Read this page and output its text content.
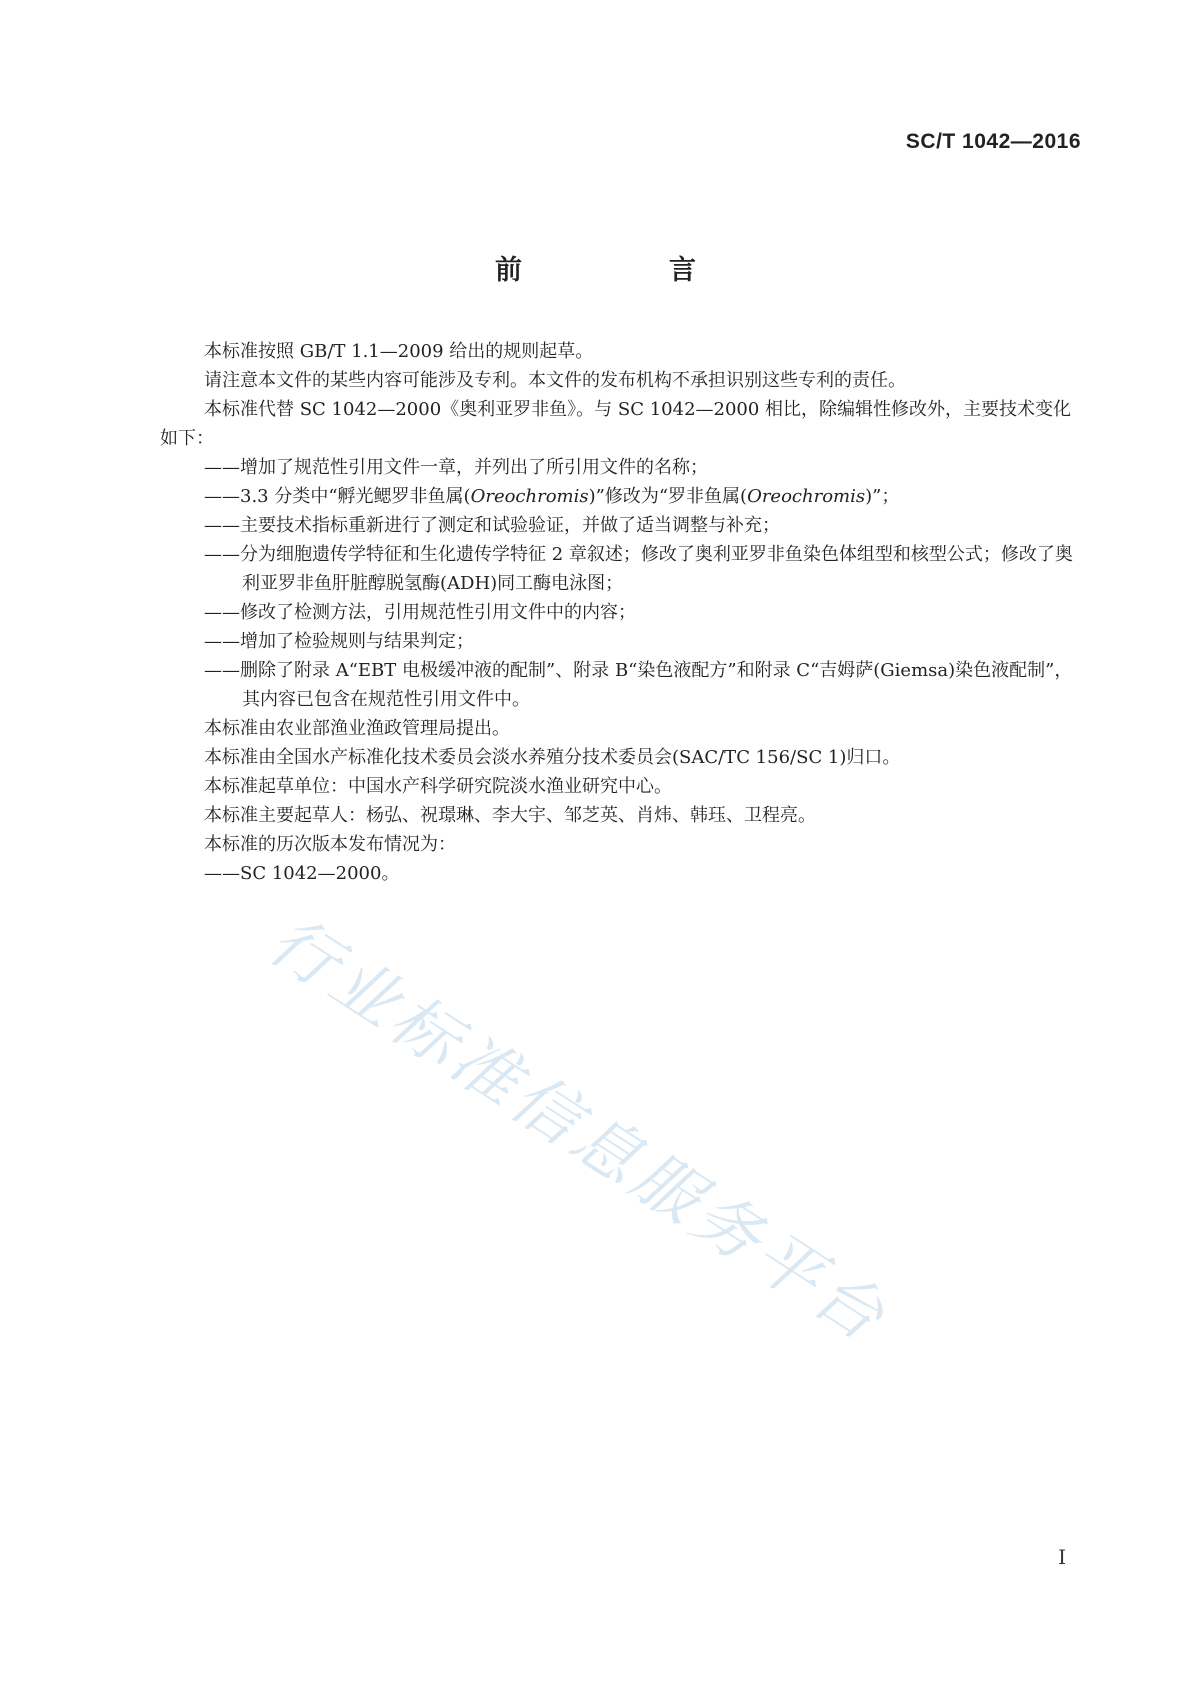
SC/T 1042—2016
前　言

本标准按照 GB/T 1.1—2009 给出的规则起草。

请注意本文件的某些内容可能涉及专利。本文件的发布机构不承担识别这些专利的责任。

本标准代替 SC 1042—2000《奥利亚罗非鱼》。与 SC 1042—2000 相比，除编辑性修改外，主要技术变化如下：

——增加了规范性引用文件一章，并列出了所引用文件的名称；

——3.3 分类中“孵光鳃罗非鱼属(Oreochromis)”修改为“罗非鱼属(Oreochromis)”；

——主要技术指标重新进行了测定和试验验证，并做了适当调整与补充；

——分为细胞遗传学特征和生化遗传学特征 2 章叙述；修改了奥利亚罗非鱼染色体组型和核型公式；修改了奥利亚罗非鱼肝脏醇脱氢酶(ADH)同工酶电泳图；

——修改了检测方法，引用规范性引用文件中的内容；

——增加了检验规则与结果判定；

——删除了附录 A“EBT 电极缓冲液的配制”、附录 B“染色液配方”和附录 C“吉姆萨(Giemsa)染色液配制”，其内容已包含在规范性引用文件中。

本标准由农业部渔业渔政管理局提出。

本标准由全国水产标准化技术委员会淡水养殖分技术委员会(SAC/TC 156/SC 1)归口。

本标准起草单位：中国水产科学研究院淡水渔业研究中心。

本标准主要起草人：杨弘、祝璟琳、李大宇、邹芝英、肖炜、韩珏、卫程亮。

本标准的历次版本发布情况为：

——SC 1042—2000。

行业标准信息服务平台
I
